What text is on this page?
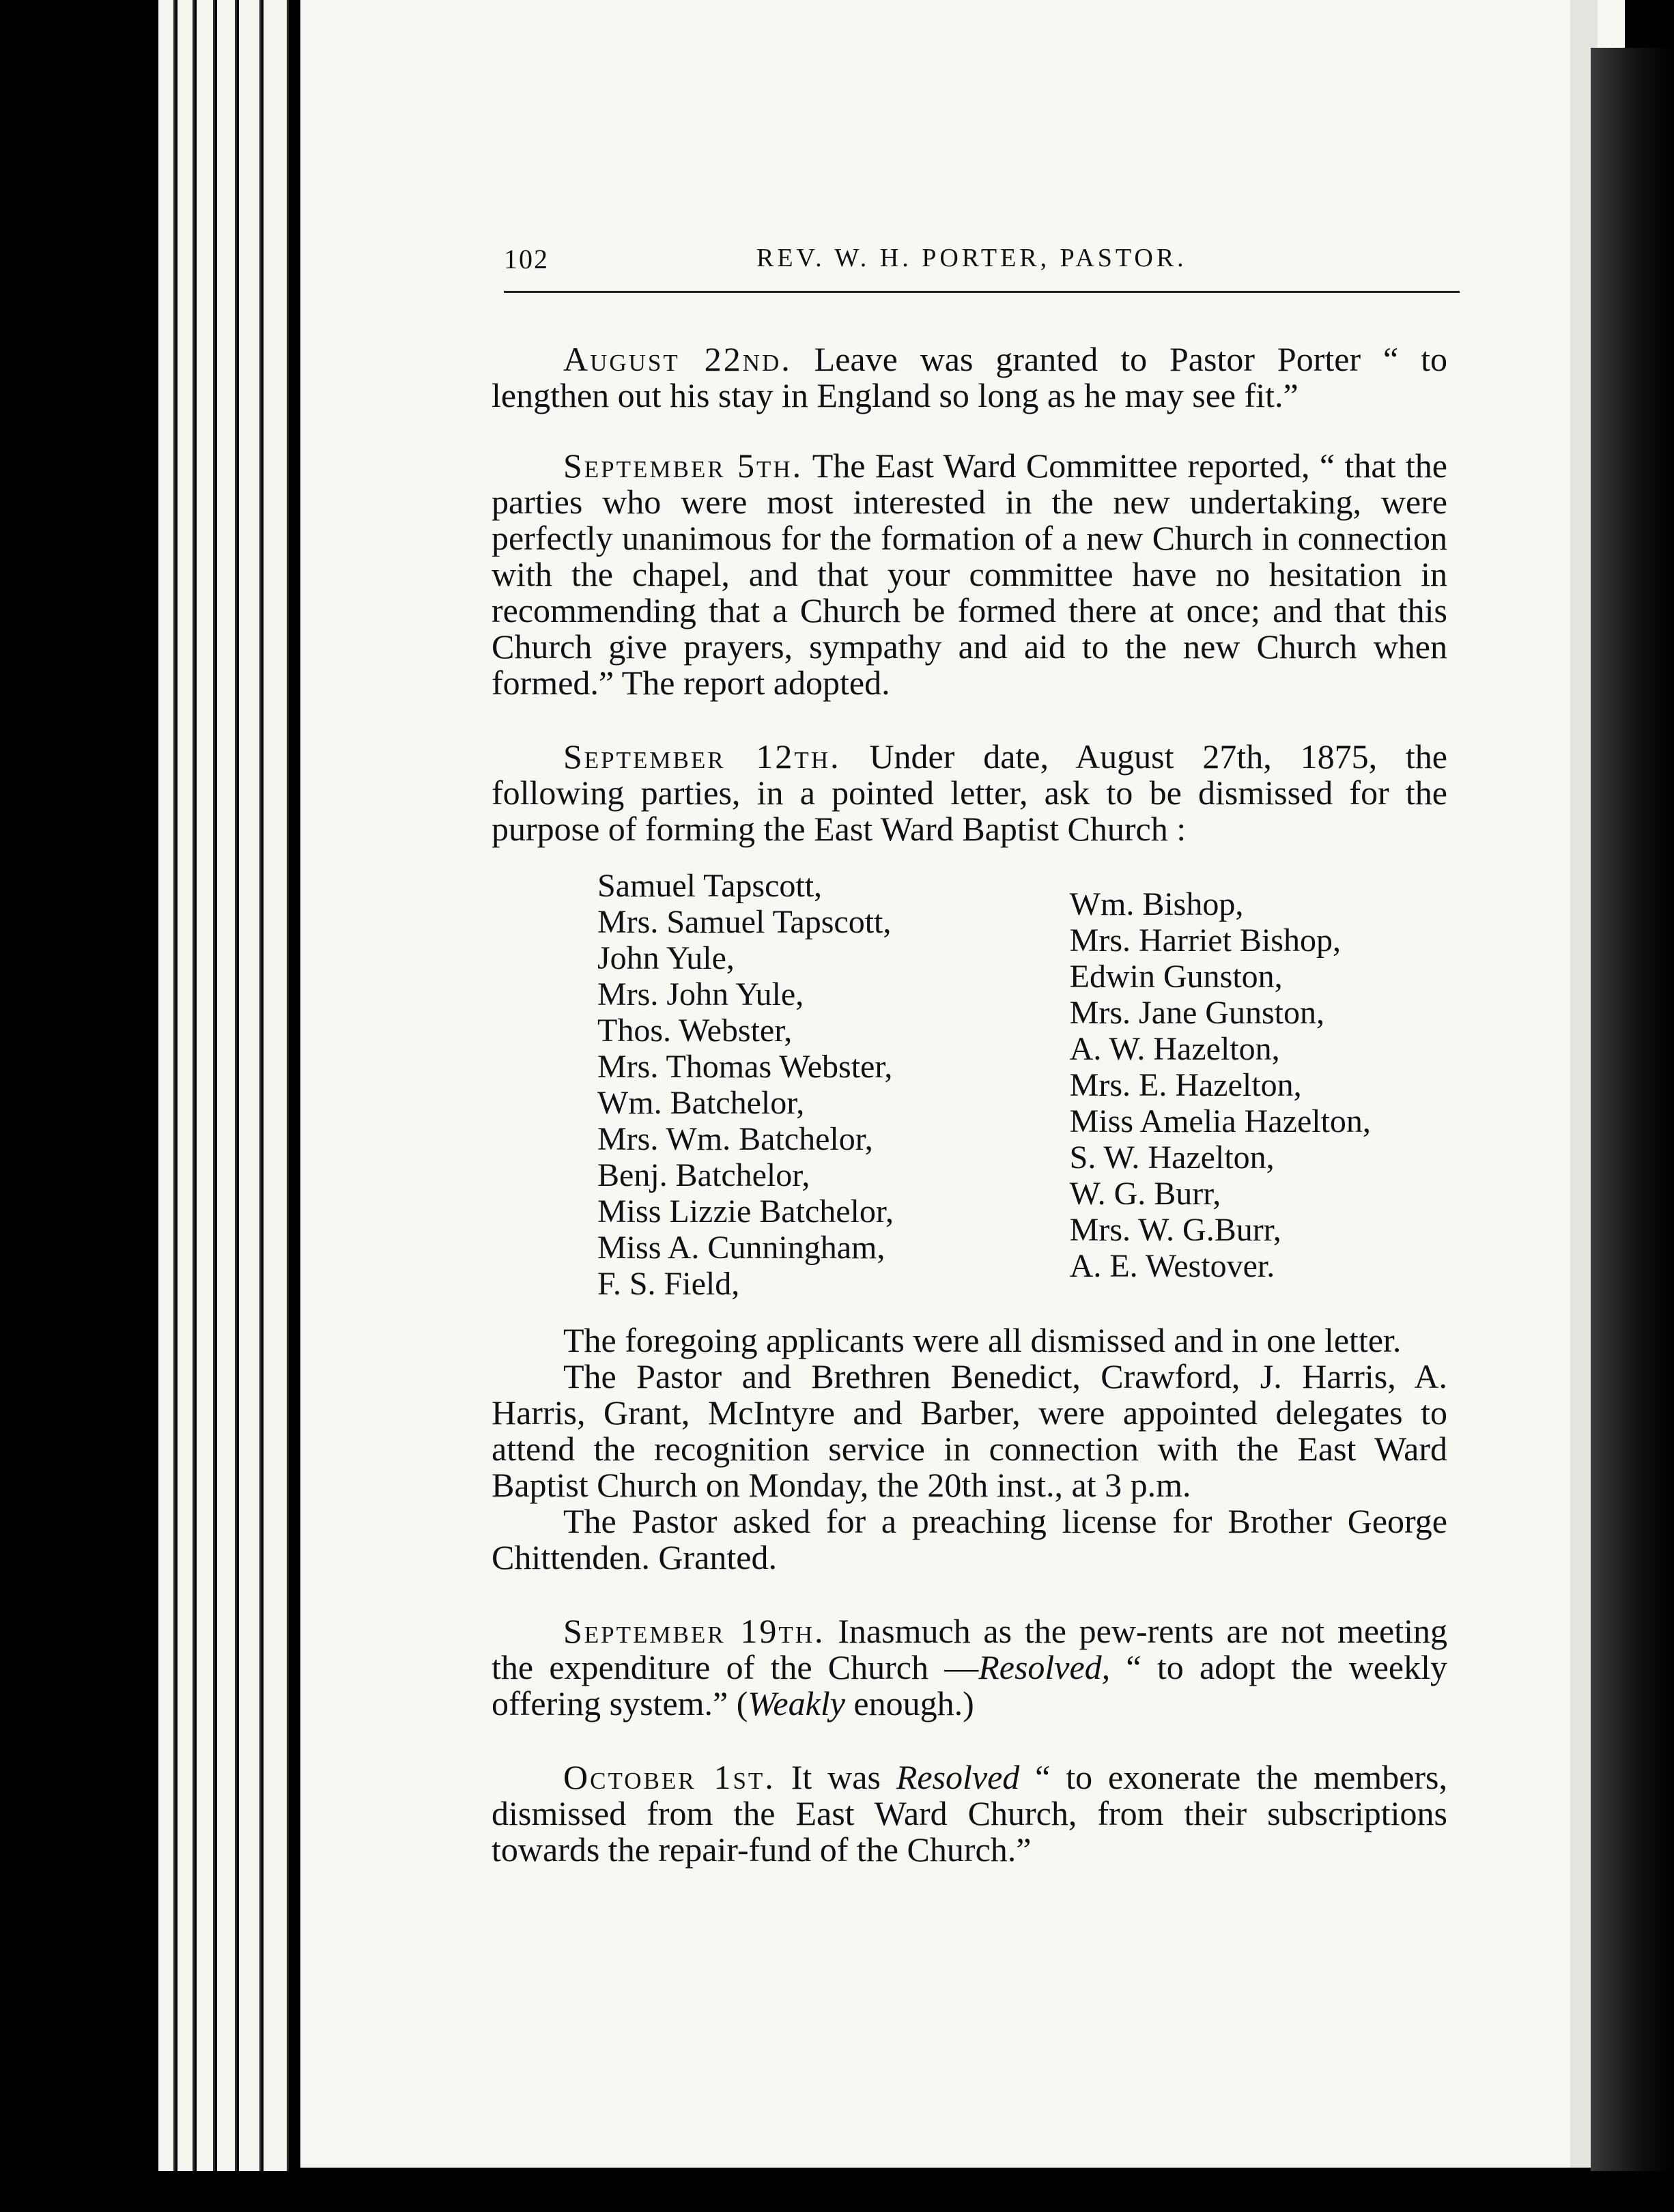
102	REV. W. H. PORTER, PASTOR.

August 22nd. Leave was granted to Pastor Porter “ to lengthen out his stay in England so long as he may see fit.”

September 5th. The East Ward Committee reported, “ that the parties who were most interested in the new undertaking, were perfectly unanimous for the formation of a new Church in connection with the chapel, and that your committee have no hesitation in recommending that a Church be formed there at once; and that this Church give prayers, sympathy and aid to the new Church when formed.” The report adopted.

September 12th. Under date, August 27th, 1875, the following parties, in a pointed letter, ask to be dismissed for the purpose of forming the East Ward Baptist Church :

Samuel Tapscott,
Mrs. Samuel Tapscott,
John Yule,
Mrs. John Yule,
Thos. Webster,
Mrs. Thomas Webster,
Wm. Batchelor,
Mrs. Wm. Batchelor,
Benj. Batchelor,
Miss Lizzie Batchelor,
Miss A. Cunningham,
F. S. Field,
Wm. Bishop,
Mrs. Harriet Bishop,
Edwin Gunston,
Mrs. Jane Gunston,
A. W. Hazelton,
Mrs. E. Hazelton,
Miss Amelia Hazelton,
S. W. Hazelton,
W. G. Burr,
Mrs. W. G.Burr,
A. E. Westover.

The foregoing applicants were all dismissed and in one letter.

The Pastor and Brethren Benedict, Crawford, J. Harris, A. Harris, Grant, McIntyre and Barber, were appointed delegates to attend the recognition service in connection with the East Ward Baptist Church on Monday, the 20th inst., at 3 p.m.

The Pastor asked for a preaching license for Brother George Chittenden. Granted.

September 19th. Inasmuch as the pew-rents are not meeting the expenditure of the Church —Resolved, “ to adopt the weekly offering system.” (Weakly enough.)

October 1st. It was Resolved “ to exonerate the members, dismissed from the East Ward Church, from their subscriptions towards the repair-fund of the Church.”
